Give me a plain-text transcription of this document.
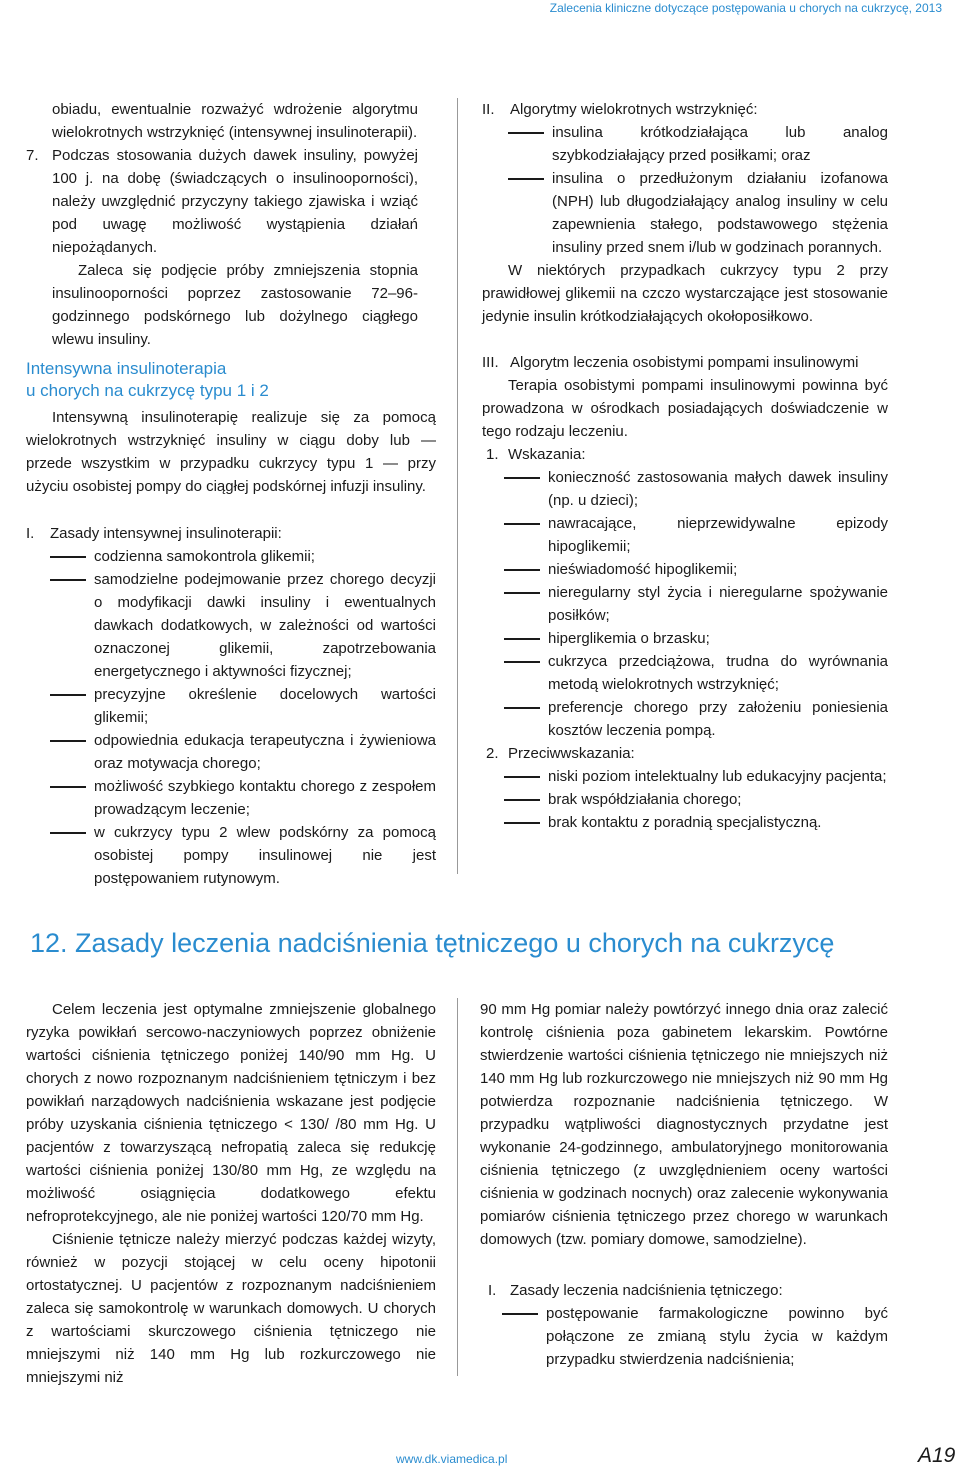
Zalecenia kliniczne dotyczące postępowania u chorych na cukrzycę, 2013

obiadu, ewentualnie rozważyć wdrożenie algorytmu wielokrotnych wstrzyknięć (intensywnej insulinoterapii).

7. Podczas stosowania dużych dawek insuliny, powyżej 100 j. na dobę (świadczących o insulinooporności), należy uwzględnić przyczyny takiego zjawiska i wziąć pod uwagę możliwość wystąpienia działań niepożądanych.

Zaleca się podjęcie próby zmniejszenia stopnia insulinooporności poprzez zastosowanie 72–96-godzinnego podskórnego lub dożylnego ciągłego wlewu insuliny.

Intensywna insulinoterapia
u chorych na cukrzycę typu 1 i 2

Intensywną insulinoterapię realizuje się za pomocą wielokrotnych wstrzyknięć insuliny w ciągu doby lub — przede wszystkim w przypadku cukrzycy typu 1 — przy użyciu osobistej pompy do ciągłej podskórnej infuzji insuliny.

I. Zasady intensywnej insulinoterapii:
codzienna samokontrola glikemii;
samodzielne podejmowanie przez chorego decyzji o modyfikacji dawki insuliny i ewentualnych dawkach dodatkowych, w zależności od wartości oznaczonej glikemii, zapotrzebowania energetycznego i aktywności fizycznej;
precyzyjne określenie docelowych wartości glikemii;
odpowiednia edukacja terapeutyczna i żywieniowa oraz motywacja chorego;
możliwość szybkiego kontaktu chorego z zespołem prowadzącym leczenie;
w cukrzycy typu 2 wlew podskórny za pomocą osobistej pompy insulinowej nie jest postępowaniem rutynowym.
II. Algorytmy wielokrotnych wstrzyknięć:
insulina krótkodziałająca lub analog szybkodziałający przed posiłkami; oraz
insulina o przedłużonym działaniu izofanowa (NPH) lub długodziałający analog insuliny w celu zapewnienia stałego, podstawowego stężenia insuliny przed snem i/lub w godzinach porannych.

W niektórych przypadkach cukrzycy typu 2 przy prawidłowej glikemii na czczo wystarczające jest stosowanie jedynie insulin krótkodziałających okołoposiłkowo.

III. Algorytm leczenia osobistymi pompami insulinowymi

Terapia osobistymi pompami insulinowymi powinna być prowadzona w ośrodkach posiadających doświadczenie w tego rodzaju leczeniu.

1. Wskazania:
konieczność zastosowania małych dawek insuliny (np. u dzieci);
nawracające, nieprzewidywalne epizody hipoglikemii;
nieświadomość hipoglikemii;
nieregularny styl życia i nieregularne spożywanie posiłków;
hiperglikemia o brzasku;
cukrzyca przedciążowa, trudna do wyrównania metodą wielokrotnych wstrzyknięć;
preferencje chorego przy założeniu poniesienia kosztów leczenia pompą.
2. Przeciwwskazania:
niski poziom intelektualny lub edukacyjny pacjenta;
brak współdziałania chorego;
brak kontaktu z poradnią specjalistyczną.
12. Zasady leczenia nadciśnienia tętniczego u chorych na cukrzycę

Celem leczenia jest optymalne zmniejszenie globalnego ryzyka powikłań sercowo-naczyniowych poprzez obniżenie wartości ciśnienia tętniczego poniżej 140/90 mm Hg. U chorych z nowo rozpoznanym nadciśnieniem tętniczym i bez powikłań narządowych nadciśnienia wskazane jest podjęcie próby uzyskania ciśnienia tętniczego < 130/ /80 mm Hg. U pacjentów z towarzyszącą nefropatią zaleca się redukcję wartości ciśnienia poniżej 130/80 mm Hg, ze względu na możliwość osiągnięcia dodatkowego efektu nefroprotekcyjnego, ale nie poniżej wartości 120/70 mm Hg.

Ciśnienie tętnicze należy mierzyć podczas każdej wizyty, również w pozycji stojącej w celu oceny hipotonii ortostatycznej. U pacjentów z rozpoznanym nadciśnieniem zaleca się samokontrolę w warunkach domowych. U chorych z wartościami skurczowego ciśnienia tętniczego nie mniejszymi niż 140 mm Hg lub rozkurczowego nie mniejszymi niż

90 mm Hg pomiar należy powtórzyć innego dnia oraz zalecić kontrolę ciśnienia poza gabinetem lekarskim. Powtórne stwierdzenie wartości ciśnienia tętniczego nie mniejszych niż 140 mm Hg lub rozkurczowego nie mniejszych niż 90 mm Hg potwierdza rozpoznanie nadciśnienia tętniczego. W przypadku wątpliwości diagnostycznych przydatne jest wykonanie 24-godzinnego, ambulatoryjnego monitorowania ciśnienia tętniczego (z uwzględnieniem oceny wartości ciśnienia w godzinach nocnych) oraz zalecenie wykonywania pomiarów ciśnienia tętniczego przez chorego w warunkach domowych (tzw. pomiary domowe, samodzielne).

I. Zasady leczenia nadciśnienia tętniczego:
postępowanie farmakologiczne powinno być połączone ze zmianą stylu życia w każdym przypadku stwierdzenia nadciśnienia;
www.dk.viamedica.pl	A19
